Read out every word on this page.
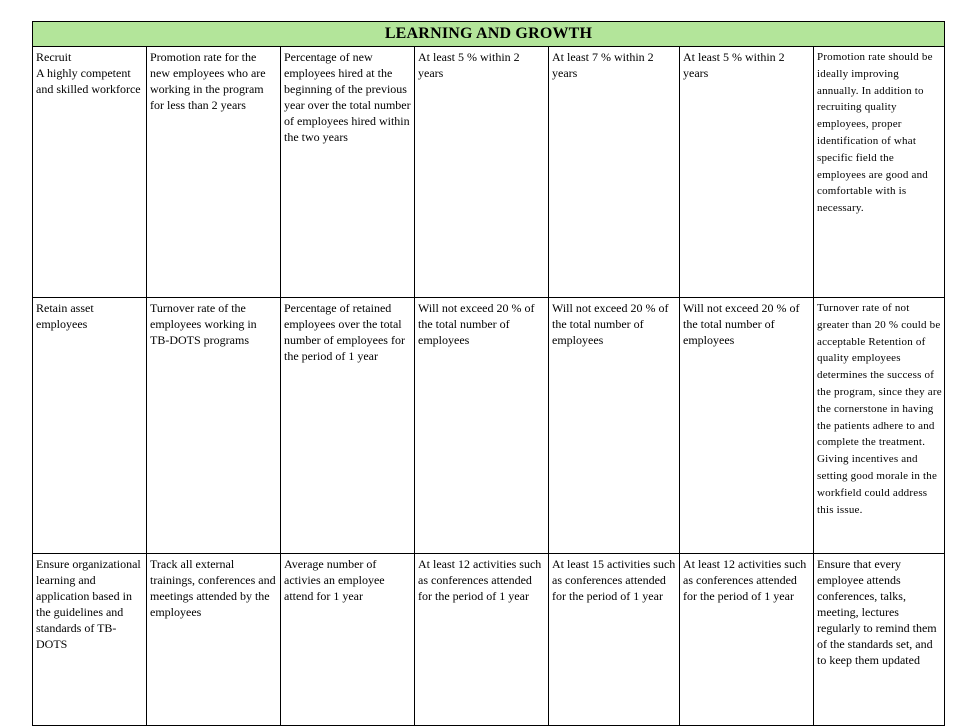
LEARNING AND GROWTH						
Recruit
A highly competent and skilled workforce	Promotion rate for the new employees who are working in the program for less than 2 years	Percentage of new employees hired at the beginning of the previous year over the total number of employees hired within the two years	At least 5 % within 2 years	At least 7 % within 2 years	At least 5 % within 2 years	Promotion rate should be ideally improving annually. In addition to recruiting quality employees, proper identification of what specific field the employees are good and comfortable with is necessary.
Retain asset employees	Turnover rate of the employees working in TB-DOTS programs	Percentage of retained employees over the total number of employees for the period of 1 year	Will not exceed 20 % of the total number of employees	Will not exceed 20 % of the total number of employees	Will not exceed 20 % of the total number of employees	Turnover rate of not greater than 20 % could be acceptable Retention of quality employees determines the success of the program, since they are the cornerstone in having the patients adhere to and complete the treatment. Giving incentives and setting good morale in the workfield could address this issue.
Ensure organizational learning and application based in the guidelines and standards of TB-DOTS	Track all external trainings, conferences and meetings attended by the employees	Average number of activies an employee attend for 1 year	At least 12 activities such as conferences attended for the period of 1 year	At least 15 activities such as conferences attended for the period of 1 year	At least 12 activities such as conferences attended for the period of 1 year	Ensure that every employee attends conferences, talks, meeting, lectures regularly to remind them of the standards set, and to keep them updated
